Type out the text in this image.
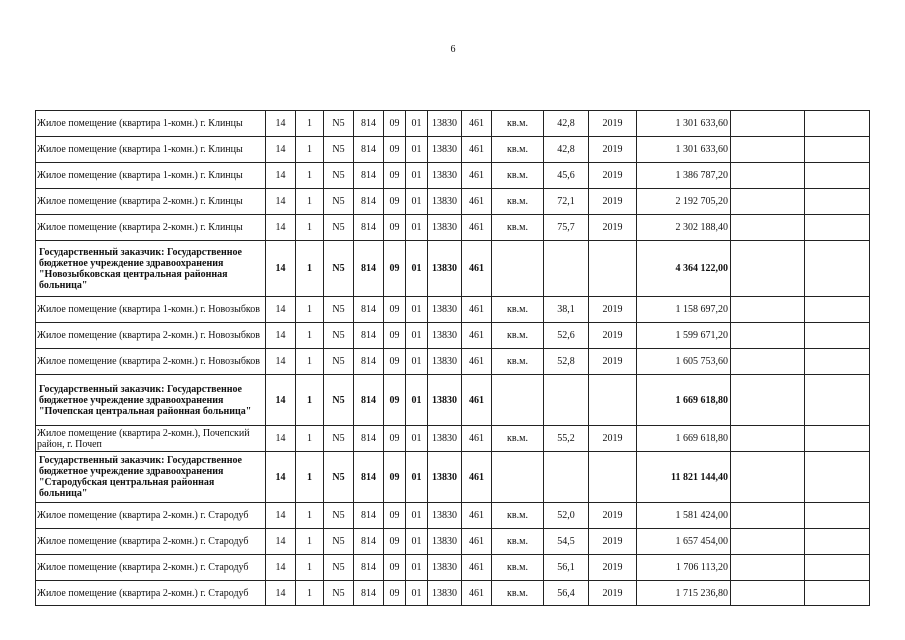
6
Жилое помещение (квартира 1-комн.) г. Клинцы	14	1	N5	814	09	01	13830	461	кв.м.	42,8	2019	1 301 633,60		
Жилое помещение (квартира 1-комн.) г. Клинцы	14	1	N5	814	09	01	13830	461	кв.м.	42,8	2019	1 301 633,60		
Жилое помещение (квартира 1-комн.) г. Клинцы	14	1	N5	814	09	01	13830	461	кв.м.	45,6	2019	1 386 787,20		
Жилое помещение (квартира 2-комн.) г. Клинцы	14	1	N5	814	09	01	13830	461	кв.м.	72,1	2019	2 192 705,20		
Жилое помещение (квартира 2-комн.) г. Клинцы	14	1	N5	814	09	01	13830	461	кв.м.	75,7	2019	2 302 188,40		
Государственный заказчик: Государственное бюджетное учреждение здравоохранения "Новозыбковская центральная районная больница"	14	1	N5	814	09	01	13830	461				4 364 122,00		
Жилое помещение (квартира 1-комн.) г. Новозыбков	14	1	N5	814	09	01	13830	461	кв.м.	38,1	2019	1 158 697,20		
Жилое помещение (квартира 2-комн.) г. Новозыбков	14	1	N5	814	09	01	13830	461	кв.м.	52,6	2019	1 599 671,20		
Жилое помещение (квартира 2-комн.) г. Новозыбков	14	1	N5	814	09	01	13830	461	кв.м.	52,8	2019	1 605 753,60		
Государственный заказчик: Государственное бюджетное учреждение здравоохранения "Почепская центральная районная больница"	14	1	N5	814	09	01	13830	461				1 669 618,80		
Жилое помещение (квартира 2-комн.), Почепский район, г. Почеп	14	1	N5	814	09	01	13830	461	кв.м.	55,2	2019	1 669 618,80		
Государственный заказчик: Государственное бюджетное учреждение здравоохранения "Стародубская центральная районная больница"	14	1	N5	814	09	01	13830	461				11 821 144,40		
Жилое помещение (квартира 2-комн.) г. Стародуб	14	1	N5	814	09	01	13830	461	кв.м.	52,0	2019	1 581 424,00		
Жилое помещение (квартира 2-комн.) г. Стародуб	14	1	N5	814	09	01	13830	461	кв.м.	54,5	2019	1 657 454,00		
Жилое помещение (квартира 2-комн.) г. Стародуб	14	1	N5	814	09	01	13830	461	кв.м.	56,1	2019	1 706 113,20		
Жилое помещение (квартира 2-комн.) г. Стародуб	14	1	N5	814	09	01	13830	461	кв.м.	56,4	2019	1 715 236,80		
